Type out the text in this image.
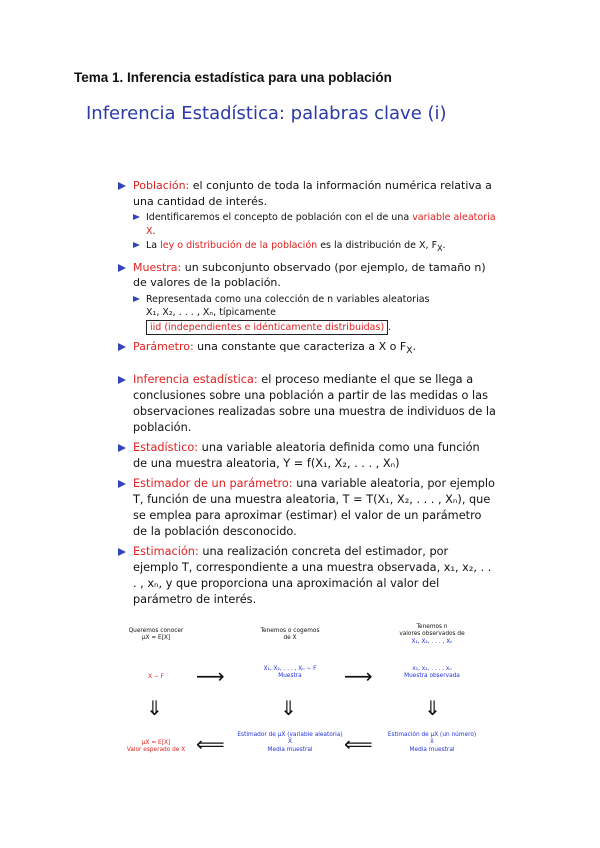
Tema 1. Inferencia estadística para una población
Inferencia Estadística: palabras clave (i)
Población: el conjunto de toda la información numérica relativa a una cantidad de interés.
Identificaremos el concepto de población con el de una variable aleatoria X.
La ley o distribución de la población es la distribución de X, $F_X$.
Muestra: un subconjunto observado (por ejemplo, de tamaño n) de valores de la población.
Representada como una colección de n variables aleatorias
X₁, X₂, . . . , Xₙ, típicamente
iid (independientes e idénticamente distribuidas) .
Parámetro: una constante que caracteriza a X o $F_X$.
Inferencia estadística: el proceso mediante el que se llega a conclusiones sobre una población a partir de las medidas o las observaciones realizadas sobre una muestra de individuos de la población.
Estadístico: una variable aleatoria definida como una función de una muestra aleatoria, Y = f(X₁, X₂, . . . , Xₙ)
Estimador de un parámetro: una variable aleatoria, por ejemplo T, función de una muestra aleatoria, T = T(X₁, X₂, . . . , Xₙ), que se emplea para aproximar (estimar) el valor de un parámetro de la población desconocido.
Estimación: una realización concreta del estimador, por ejemplo T, correspondiente a una muestra observada, x₁, x₂, . . . , xₙ, y que proporciona una aproximación al valor del parámetro de interés.
Queremos conocer
μX = E[X]
Tenemos o cogemos
de X
Tenemos n
valores observados de
X₁, X₂, . . . , Xₙ
X ∼ F	⟶	X₁, X₂, . . . , Xₙ ∼ F
Muestra	⟶	x₁, x₂, . . . , xₙ
Muestra observada
⇓	⇓	⇓
μX = E[X]
Valor esperado de X ⟸	Estimador de μX (variable aleatoria)
X̄
Media muestral	⟸	Estimación de μX (un número)
x̄
Media muestral
